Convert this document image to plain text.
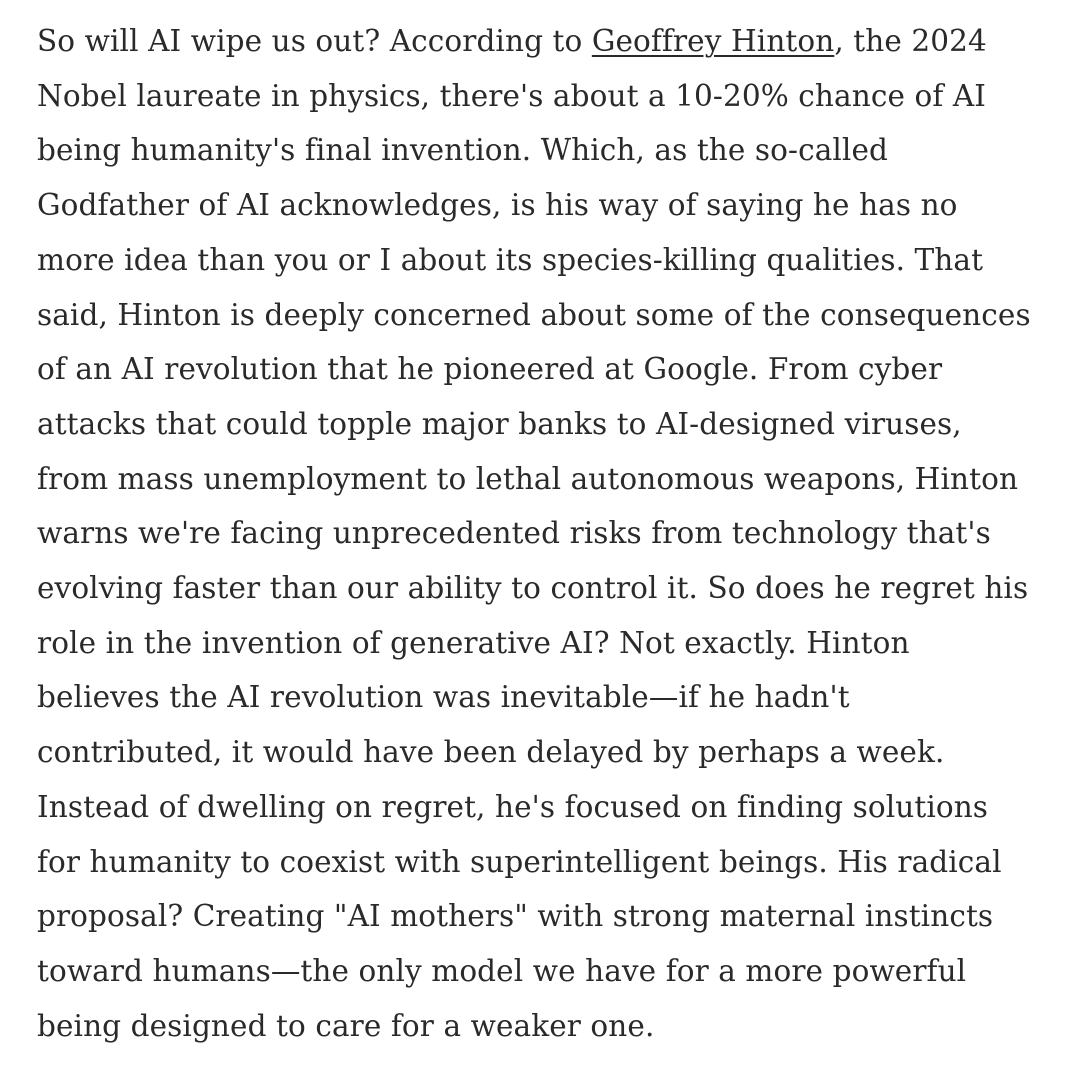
So will AI wipe us out? According to Geoffrey Hinton, the 2024
Nobel laureate in physics, there's about a 10-20% chance of AI
being humanity's final invention. Which, as the so-called
Godfather of AI acknowledges, is his way of saying he has no
more idea than you or I about its species-killing qualities. That
said, Hinton is deeply concerned about some of the consequences
of an AI revolution that he pioneered at Google. From cyber
attacks that could topple major banks to AI-designed viruses,
from mass unemployment to lethal autonomous weapons, Hinton
warns we're facing unprecedented risks from technology that's
evolving faster than our ability to control it. So does he regret his
role in the invention of generative AI? Not exactly. Hinton
believes the AI revolution was inevitable—if he hadn't
contributed, it would have been delayed by perhaps a week.
Instead of dwelling on regret, he's focused on finding solutions
for humanity to coexist with superintelligent beings. His radical
proposal? Creating "AI mothers" with strong maternal instincts
toward humans—the only model we have for a more powerful
being designed to care for a weaker one.
